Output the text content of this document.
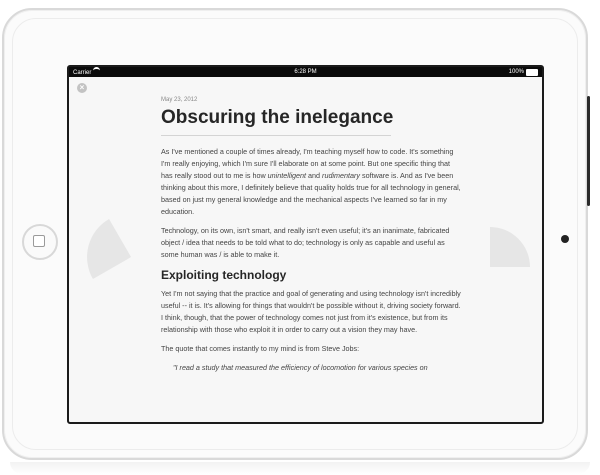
Carrier	6:28 PM	100%
×
May 23, 2012
Obscuring the inelegance

As I've mentioned a couple of times already, I'm teaching myself how to code. It's something I'm really enjoying, which I'm sure I'll elaborate on at some point. But one specific thing that has really stood out to me is how unintelligent and rudimentary software is. And as I've been thinking about this more, I definitely believe that quality holds true for all technology in general, based on just my general knowledge and the mechanical aspects I've learned so far in my education.

Technology, on its own, isn't smart, and really isn't even useful; it's an inanimate, fabricated object / idea that needs to be told what to do; technology is only as capable and useful as some human was / is able to make it.

Exploiting technology

Yet I'm not saying that the practice and goal of generating and using technology isn't incredibly useful -- it is. It's allowing for things that wouldn't be possible without it, driving society forward. I think, though, that the power of technology comes not just from it's existence, but from its relationship with those who exploit it in order to carry out a vision they may have.

The quote that comes instantly to my mind is from Steve Jobs:

"I read a study that measured the efficiency of locomotion for various species on
